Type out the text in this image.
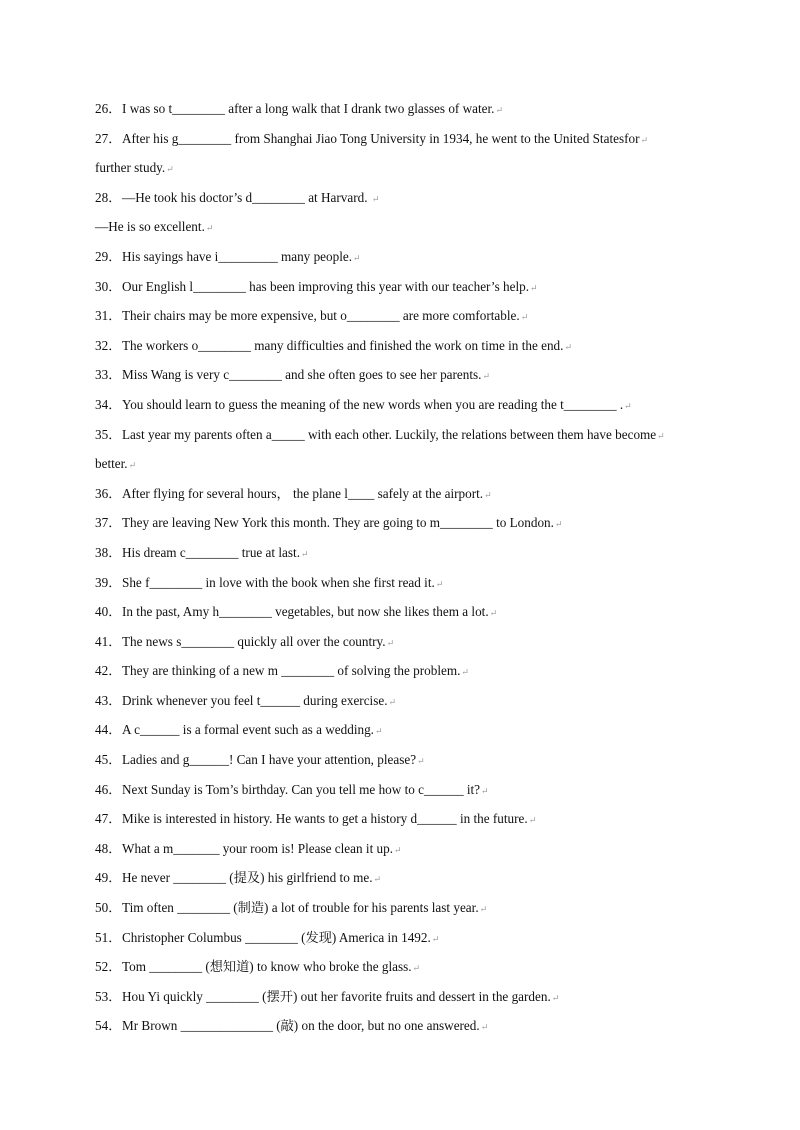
26．I was so t________ after a long walk that I drank two glasses of water.↵
27．After his g________ from Shanghai Jiao Tong University in 1934, he went to the United Statesfor↵
further study.↵
28．—He took his doctor’s d________ at Harvard. ↵
—He is so excellent.↵
29．His sayings have i_________ many people.↵
30．Our English l________ has been improving this year with our teacher’s help.↵
31．Their chairs may be more expensive, but o________ are more comfortable.↵
32．The workers o________ many difficulties and finished the work on time in the end.↵
33．Miss Wang is very c________ and she often goes to see her parents.↵
34．You should learn to guess the meaning of the new words when you are reading the t________ .↵
35．Last year my parents often a_____ with each other. Luckily, the relations between them have become↵
better.↵
36．After flying for several hours， the plane l____ safely at the airport.↵
37．They are leaving New York this month. They are going to m________ to London.↵
38．His dream c________ true at last.↵
39．She f________ in love with the book when she first read it.↵
40．In the past, Amy h________ vegetables, but now she likes them a lot.↵
41．The news s________ quickly all over the country.↵
42．They are thinking of a new m ________ of solving the problem.↵
43．Drink whenever you feel t______ during exercise.↵
44．A c______ is a formal event such as a wedding.↵
45．Ladies and g______! Can I have your attention, please?↵
46．Next Sunday is Tom’s birthday. Can you tell me how to c______ it?↵
47．Mike is interested in history. He wants to get a history d______ in the future.↵
48．What a m_______ your room is! Please clean it up.↵
49．He never ________ (提及) his girlfriend to me.↵
50．Tim often ________ (制造) a lot of trouble for his parents last year.↵
51．Christopher Columbus ________ (发现) America in 1492.↵
52．Tom ________ (想知道) to know who broke the glass.↵
53．Hou Yi quickly ________ (摆开) out her favorite fruits and dessert in the garden.↵
54．Mr Brown ______________ (敲) on the door, but no one answered.↵
